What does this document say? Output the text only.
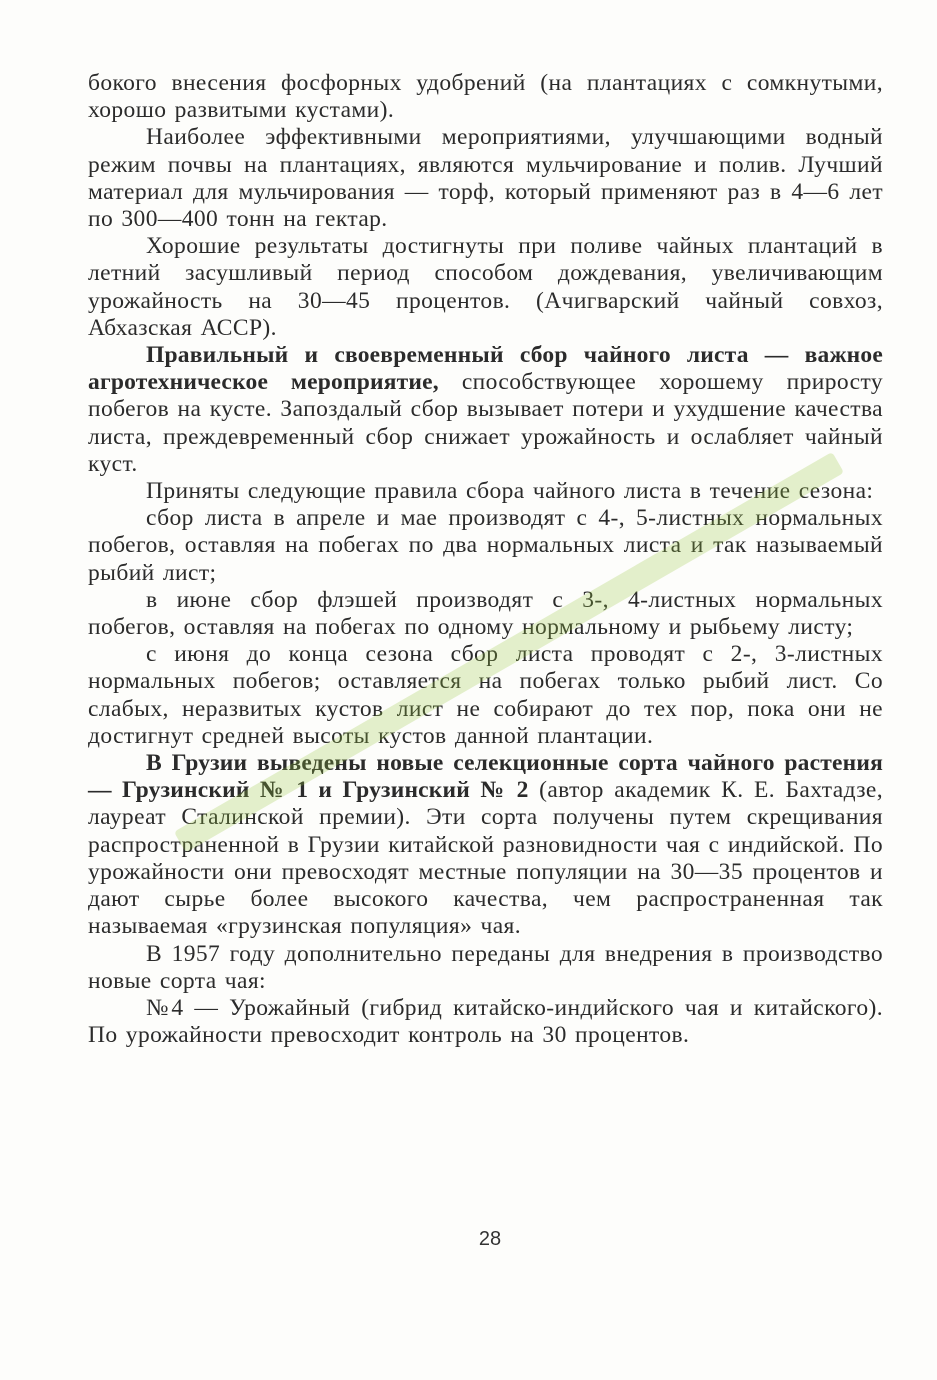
бокого внесения фосфорных удобрений (на плантациях с сомкнутыми, хорошо развитыми кустами).

Наиболее эффективными мероприятиями, улучшающими водный режим почвы на плантациях, являются мульчирование и полив. Лучший материал для мульчирования — торф, который применяют раз в 4—6 лет по 300—400 тонн на гектар.

Хорошие результаты достигнуты при поливе чайных плантаций в летний засушливый период способом дождевания, увеличивающим урожайность на 30—45 процентов. (Ачигварский чайный совхоз, Абхазская АССР).

Правильный и своевременный сбор чайного листа — важное агротехническое мероприятие, способствующее хорошему приросту побегов на кусте. Запоздалый сбор вызывает потери и ухудшение качества листа, преждевременный сбор снижает урожайность и ослабляет чайный куст.

Приняты следующие правила сбора чайного листа в течение сезона:

сбор листа в апреле и мае производят с 4-, 5-листных нормальных побегов, оставляя на побегах по два нормальных листа и так называемый рыбий лист;

в июне сбор флэшей производят с 3-, 4-листных нормальных побегов, оставляя на побегах по одному нормальному и рыбьему листу;

с июня до конца сезона сбор листа проводят с 2-, 3-листных нормальных побегов; оставляется на побегах только рыбий лист. Со слабых, неразвитых кустов лист не собирают до тех пор, пока они не достигнут средней высоты кустов данной плантации.

В Грузии выведены новые селекционные сорта чайного растения — Грузинский № 1 и Грузинский № 2 (автор академик К. Е. Бахтадзе, лауреат Сталинской премии). Эти сорта получены путем скрещивания распространенной в Грузии китайской разновидности чая с индийской. По урожайности они превосходят местные популяции на 30—35 процентов и дают сырье более высокого качества, чем распространенная так называемая «грузинская популяция» чая.

В 1957 году дополнительно переданы для внедрения в производство новые сорта чая:

№4 — Урожайный (гибрид китайско-индийского чая и китайского). По урожайности превосходит контроль на 30 процентов.

28
